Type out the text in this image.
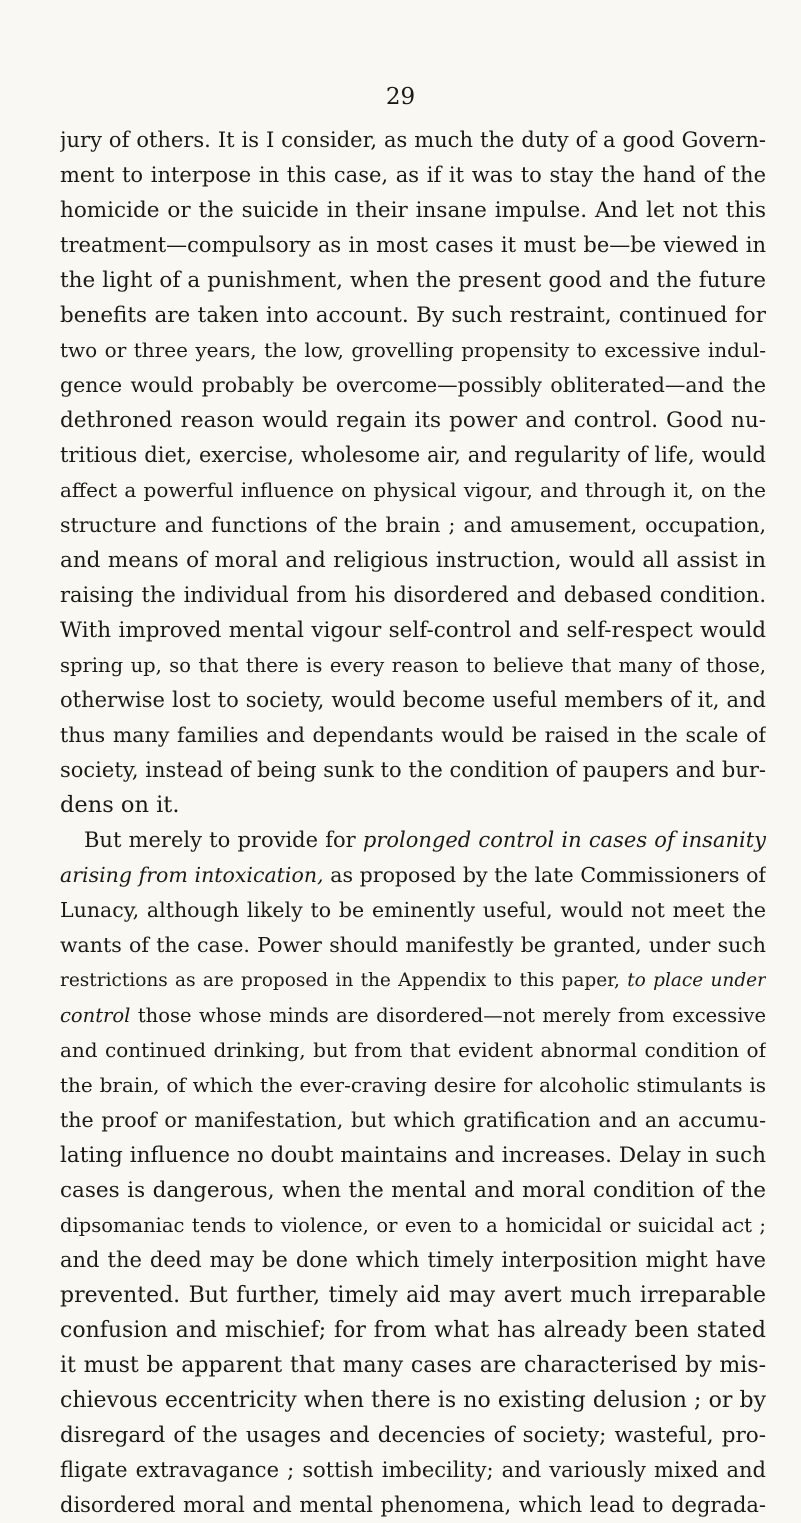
29
jury of others. It is I consider, as much the duty of a good Govern-
ment to interpose in this case, as if it was to stay the hand of the
homicide or the suicide in their insane impulse. And let not this
treatment—compulsory as in most cases it must be—be viewed in
the light of a punishment, when the present good and the future
benefits are taken into account. By such restraint, continued for
two or three years, the low, grovelling propensity to excessive indul-
gence would probably be overcome—possibly obliterated—and the
dethroned reason would regain its power and control. Good nu-
tritious diet, exercise, wholesome air, and regularity of life, would
affect a powerful influence on physical vigour, and through it, on the
structure and functions of the brain ; and amusement, occupation,
and means of moral and religious instruction, would all assist in
raising the individual from his disordered and debased condition.
With improved mental vigour self-control and self-respect would
spring up, so that there is every reason to believe that many of those,
otherwise lost to society, would become useful members of it, and
thus many families and dependants would be raised in the scale of
society, instead of being sunk to the condition of paupers and bur-
dens on it.
But merely to provide for prolonged control in cases of insanity
arising from intoxication, as proposed by the late Commissioners of
Lunacy, although likely to be eminently useful, would not meet the
wants of the case. Power should manifestly be granted, under such
restrictions as are proposed in the Appendix to this paper, to place under
control those whose minds are disordered—not merely from excessive
and continued drinking, but from that evident abnormal condition of
the brain, of which the ever-craving desire for alcoholic stimulants is
the proof or manifestation, but which gratification and an accumu-
lating influence no doubt maintains and increases. Delay in such
cases is dangerous, when the mental and moral condition of the
dipsomaniac tends to violence, or even to a homicidal or suicidal act ;
and the deed may be done which timely interposition might have
prevented. But further, timely aid may avert much irreparable
confusion and mischief; for from what has already been stated
it must be apparent that many cases are characterised by mis-
chievous eccentricity when there is no existing delusion ; or by
disregard of the usages and decencies of society; wasteful, pro-
fligate extravagance ; sottish imbecility; and variously mixed and
disordered moral and mental phenomena, which lead to degrada-
